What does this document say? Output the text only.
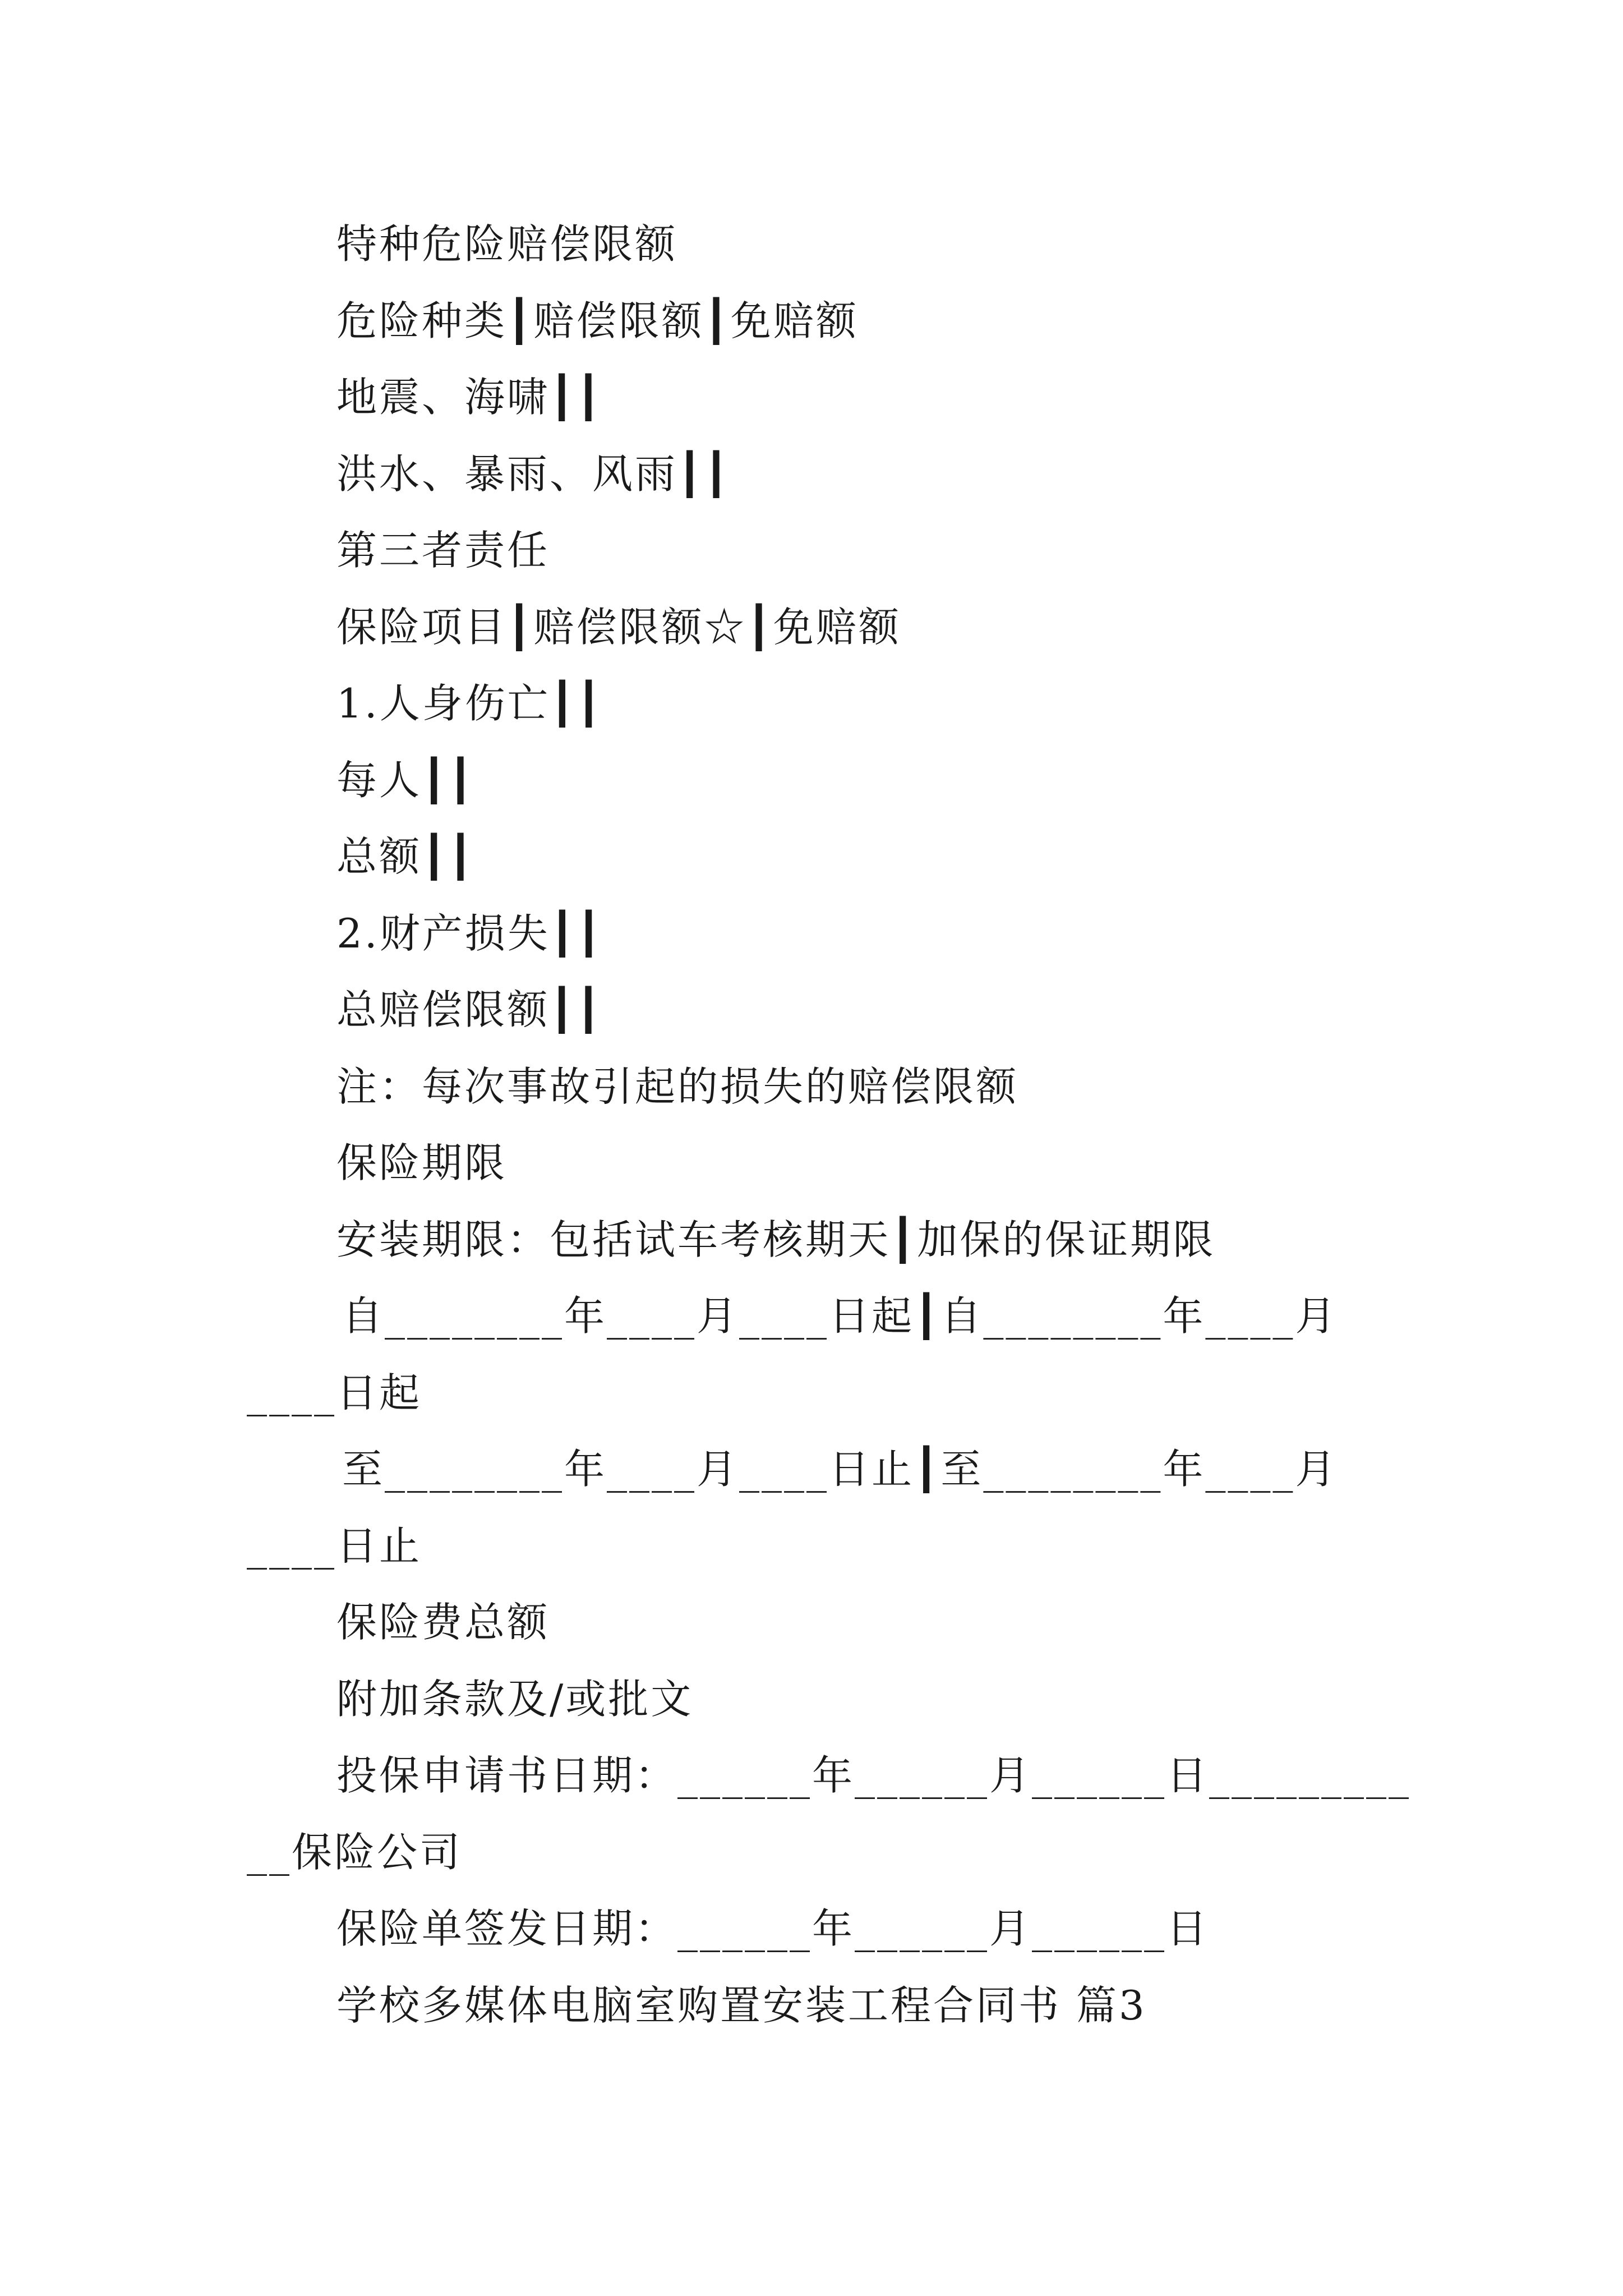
特种危险赔偿限额
危险种类┃赔偿限额┃免赔额
地震、海啸┃┃
洪水、暴雨、风雨┃┃
第三者责任
保险项目┃赔偿限额☆┃免赔额
1.人身伤亡┃┃
每人┃┃
总额┃┃
2.财产损失┃┃
总赔偿限额┃┃
注：每次事故引起的损失的赔偿限额
保险期限
安装期限：包括试车考核期天┃加保的保证期限
自________年____月____日起┃自________年____月
____日起
至________年____月____日止┃至________年____月
____日止
保险费总额
附加条款及/或批文
投保申请书日期：______年______月______日_________
__保险公司
保险单签发日期：______年______月______日
学校多媒体电脑室购置安装工程合同书 篇3
